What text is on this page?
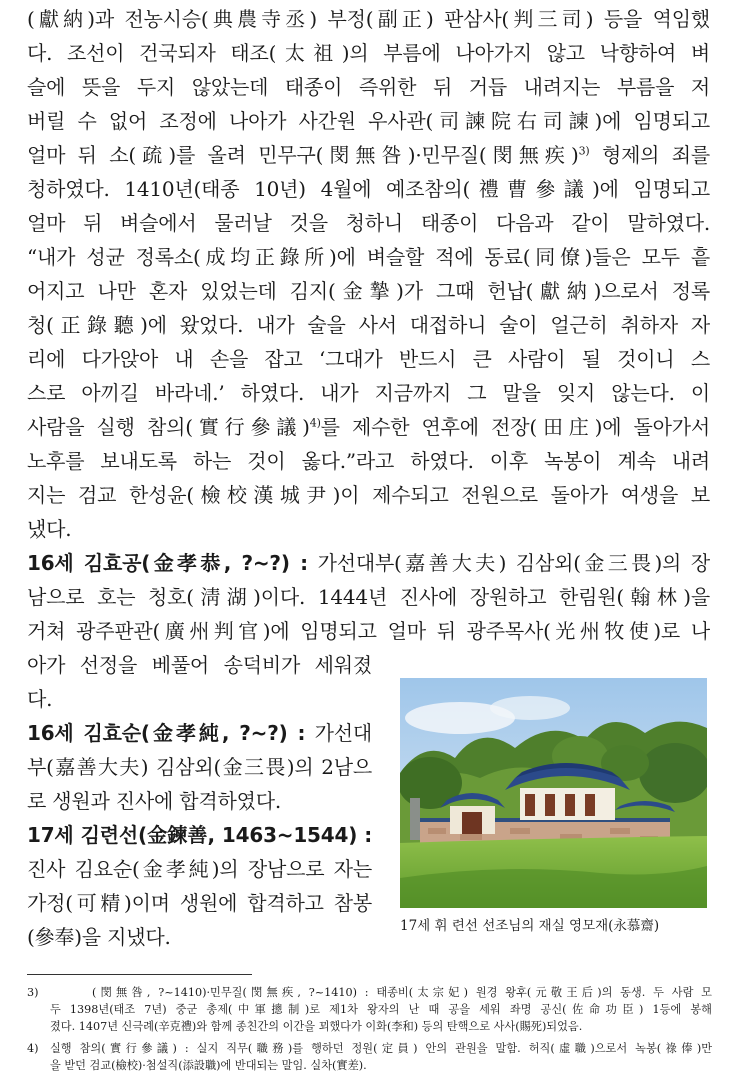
(獻納)과 전농시승(典農寺丞) 부정(副正) 판삼사(判三司) 등을 역임했
다. 조선이 건국되자 태조(太祖)의 부름에 나아가지 않고 낙향하여 벼
슬에 뜻을 두지 않았는데 태종이 즉위한 뒤 거듭 내려지는 부름을 저
버릴 수 없어 조정에 나아가 사간원 우사관(司諫院右司諫)에 임명되고
얼마 뒤 소(疏)를 올려 민무구(閔無咎)·민무질(閔無疾)$^{3)}$ 형제의 죄를
청하였다. 1410년(태종 10년) 4월에 예조참의(禮曹參議)에 임명되고
얼마 뒤 벼슬에서 물러날 것을 청하니 태종이 다음과 같이 말하였다.
“내가 성균 정록소(成均正錄所)에 벼슬할 적에 동료(同僚)들은 모두 흩
어지고 나만 혼자 있었는데 김지(金摯)가 그때 헌납(獻納)으로서 정록
청(正錄聽)에 왔었다. 내가 술을 사서 대접하니 술이 얼근히 취하자 자
리에 다가앉아 내 손을 잡고 ‘그대가 반드시 큰 사람이 될 것이니 스
스로 아끼길 바라네.’ 하였다. 내가 지금까지 그 말을 잊지 않는다. 이
사람을 실행 참의(實行參議)$^{4)}$를 제수한 연후에 전장(田庄)에 돌아가서
노후를 보내도록 하는 것이 옳다.”라고 하였다. 이후 녹봉이 계속 내려
지는 검교 한성윤(檢校漢城尹)이 제수되고 전원으로 돌아가 여생을 보
냈다.
16세 김효공(金孝恭, ?~?) : 가선대부(嘉善大夫) 김삼외(金三畏)의 장
남으로 호는 청호(淸湖)이다. 1444년 진사에 장원하고 한림원(翰林)을
거쳐 광주판관(廣州判官)에 임명되고 얼마 뒤 광주목사(光州牧使)로 나
아가 선정을 베풀어 송덕비가 세워졌
다.
16세 김효순(金孝純, ?~?) : 가선대
부(嘉善大夫) 김삼외(金三畏)의 2남으
로 생원과 진사에 합격하였다.
17세 김련선(金鍊善, 1463~1544) :
진사 김요순(金孝純)의 장남으로 자는
가정(可精)이며 생원에 합격하고 참봉
(參奉)을 지냈다.	17세 휘 련선 선조님의 재실 영모재(永慕齋)
3)	(閔無咎, ?~1410)·민무질(閔無疾, ?~1410) : 태종비(太宗妃) 원경 왕후(元敬王后)의 동생. 두 사람 모
두 1398년(태조 7년) 중군 총제(中軍摠制)로 제1차 왕자의 난 때 공을 세워 좌명 공신(佐命功臣) 1등에 봉해
졌다. 1407년 신극례(辛克禮)와 함께 종친간의 이간을 꾀했다가 이화(李和) 등의 탄핵으로 사사(賜死)되었음.
4)	실행 참의(實行參議) : 실지 직무(職務)를 행하던 정원(定員) 안의 관원을 말함. 허직(虛職)으로서 녹봉(祿俸)만
을 받던 검교(檢校)·첨설직(添設職)에 반대되는 말임. 실차(實差).
